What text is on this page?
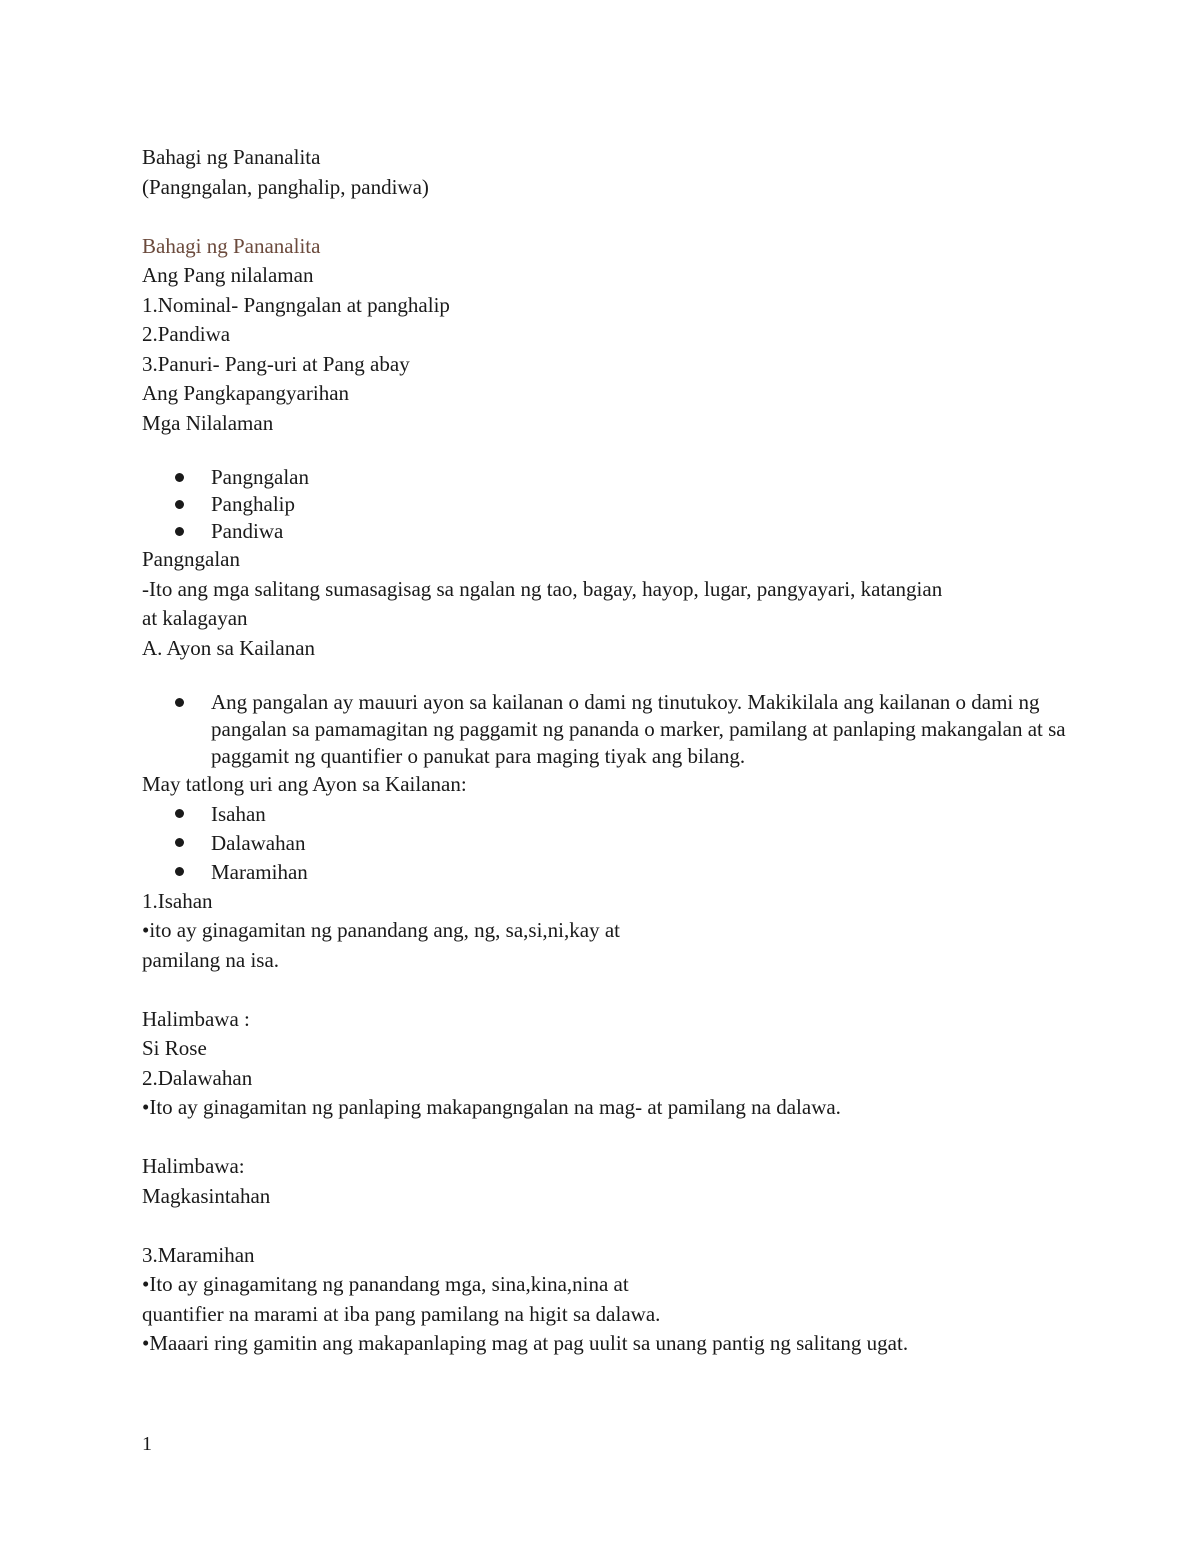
Bahagi ng Pananalita

(Pangngalan, panghalip, pandiwa)

Bahagi ng Pananalita

Ang Pang nilalaman

1.Nominal- Pangngalan at panghalip

2.Pandiwa

3.Panuri- Pang-uri at Pang abay

Ang Pangkapangyarihan

Mga Nilalaman

Pangngalan
Panghalip
Pandiwa

Pangngalan

-Ito ang mga salitang sumasagisag sa ngalan ng tao, bagay, hayop, lugar, pangyayari, katangian

at kalagayan

A. Ayon sa Kailanan

Ang pangalan ay mauuri ayon sa kailanan o dami ng tinutukoy. Makikilala ang kailanan o dami ng pangalan sa pamamagitan ng paggamit ng pananda o marker, pamilang at panlaping makangalan at sa paggamit ng quantifier o panukat para maging tiyak ang bilang.

May tatlong uri ang Ayon sa Kailanan:

Isahan
Dalawahan
Maramihan

1.Isahan

•ito ay ginagamitan ng panandang ang, ng, sa,si,ni,kay at

pamilang na isa.

Halimbawa :

Si Rose

2.Dalawahan

•Ito ay ginagamitan ng panlaping makapangngalan na mag- at pamilang na dalawa.

Halimbawa:

Magkasintahan

3.Maramihan

•Ito ay ginagamitang ng panandang mga, sina,kina,nina at

quantifier na marami at iba pang pamilang na higit sa dalawa.

•Maaari ring gamitin ang makapanlaping mag at pag uulit sa unang pantig ng salitang ugat.

1
